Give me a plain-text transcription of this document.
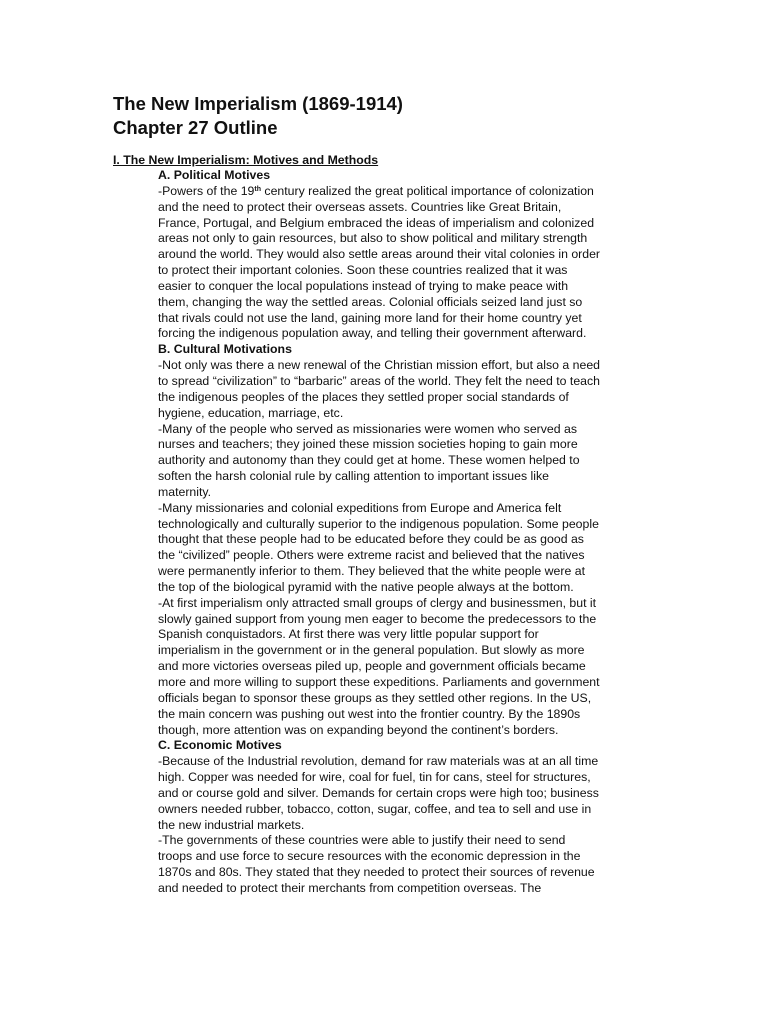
The New Imperialism (1869-1914)
Chapter 27 Outline
I. The New Imperialism: Motives and Methods
A. Political Motives
-Powers of the 19th century realized the great political importance of colonization
and the need to protect their overseas assets. Countries like Great Britain,
France, Portugal, and Belgium embraced the ideas of imperialism and colonized
areas not only to gain resources, but also to show political and military strength
around the world. They would also settle areas around their vital colonies in order
to protect their important colonies. Soon these countries realized that it was
easier to conquer the local populations instead of trying to make peace with
them, changing the way the settled areas. Colonial officials seized land just so
that rivals could not use the land, gaining more land for their home country yet
forcing the indigenous population away, and telling their government afterward.
B. Cultural Motivations
-Not only was there a new renewal of the Christian mission effort, but also a need
to spread “civilization” to “barbaric” areas of the world. They felt the need to teach
the indigenous peoples of the places they settled proper social standards of
hygiene, education, marriage, etc.
-Many of the people who served as missionaries were women who served as
nurses and teachers; they joined these mission societies hoping to gain more
authority and autonomy than they could get at home. These women helped to
soften the harsh colonial rule by calling attention to important issues like
maternity.
-Many missionaries and colonial expeditions from Europe and America felt
technologically and culturally superior to the indigenous population. Some people
thought that these people had to be educated before they could be as good as
the “civilized” people. Others were extreme racist and believed that the natives
were permanently inferior to them. They believed that the white people were at
the top of the biological pyramid with the native people always at the bottom.
-At first imperialism only attracted small groups of clergy and businessmen, but it
slowly gained support from young men eager to become the predecessors to the
Spanish conquistadors. At first there was very little popular support for
imperialism in the government or in the general population. But slowly as more
and more victories overseas piled up, people and government officials became
more and more willing to support these expeditions. Parliaments and government
officials began to sponsor these groups as they settled other regions. In the US,
the main concern was pushing out west into the frontier country. By the 1890s
though, more attention was on expanding beyond the continent’s borders.
C. Economic Motives
-Because of the Industrial revolution, demand for raw materials was at an all time
high. Copper was needed for wire, coal for fuel, tin for cans, steel for structures,
and or course gold and silver. Demands for certain crops were high too; business
owners needed rubber, tobacco, cotton, sugar, coffee, and tea to sell and use in
the new industrial markets.
-The governments of these countries were able to justify their need to send
troops and use force to secure resources with the economic depression in the
1870s and 80s. They stated that they needed to protect their sources of revenue
and needed to protect their merchants from competition overseas. The
